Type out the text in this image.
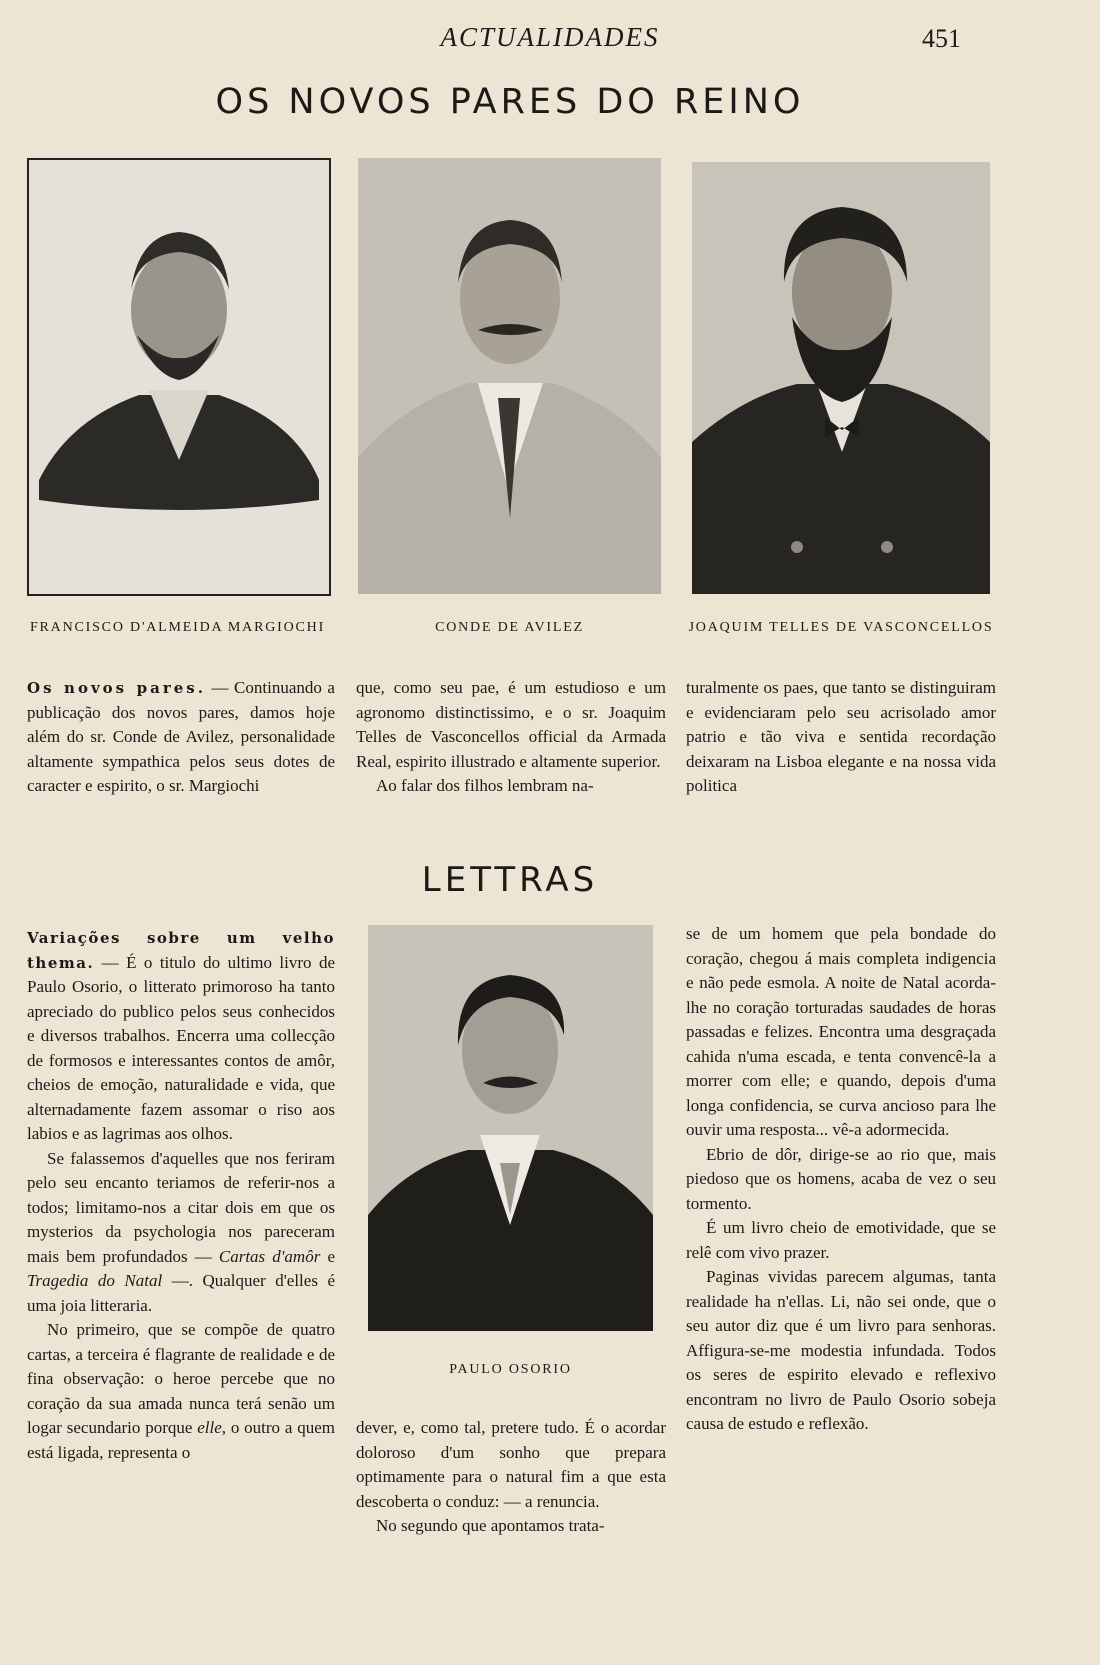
ACTUALIDADES	451
OS NOVOS PARES DO REINO
FRANCISCO D'ALMEIDA MARGIOCHI	CONDE DE AVILEZ	JOAQUIM TELLES DE VASCONCELLOS

Os novos pares. — Continuando a publicação dos novos pares, damos hoje além do sr. Conde de Avilez, personalidade altamente sympathica pelos seus dotes de caracter e espirito, o sr. Margiochi

que, como seu pae, é um estudioso e um agronomo distinctissimo, e o sr. Joaquim Telles de Vasconcellos official da Armada Real, espirito illustrado e altamente superior.

Ao falar dos filhos lembram na-

turalmente os paes, que tanto se distinguiram e evidenciaram pelo seu acrisolado amor patrio e tão viva e sentida recordação deixaram na Lisboa elegante e na nossa vida politica

LETTRAS
PAULO OSORIO

Variações sobre um velho thema. — É o titulo do ultimo livro de Paulo Osorio, o litterato primoroso ha tanto apreciado do publico pelos seus conhecidos e diversos trabalhos. Encerra uma collecção de formosos e interessantes contos de amôr, cheios de emoção, naturalidade e vida, que alternadamente fazem assomar o riso aos labios e as lagrimas aos olhos.

Se falassemos d'aquelles que nos feriram pelo seu encanto teriamos de referir-nos a todos; limitamo-nos a citar dois em que os mysterios da psychologia nos pareceram mais bem profundados — Cartas d'amôr e Tragedia do Natal —. Qualquer d'elles é uma joia litteraria.

No primeiro, que se compõe de quatro cartas, a terceira é flagrante de realidade e de fina observação: o heroe percebe que no coração da sua amada nunca terá senão um logar secundario porque elle, o outro a quem está ligada, representa o

dever, e, como tal, pretere tudo. É o acordar doloroso d'um sonho que prepara optimamente para o natural fim a que esta descoberta o conduz: — a renuncia.

No segundo que apontamos trata-

se de um homem que pela bondade do coração, chegou á mais completa indigencia e não pede esmola. A noite de Natal acorda-lhe no coração torturadas saudades de horas passadas e felizes. Encontra uma desgraçada cahida n'uma escada, e tenta convencê-la a morrer com elle; e quando, depois d'uma longa confidencia, se curva ancioso para lhe ouvir uma resposta... vê-a adormecida.

Ebrio de dôr, dirige-se ao rio que, mais piedoso que os homens, acaba de vez o seu tormento.

É um livro cheio de emotividade, que se relê com vivo prazer.

Paginas vividas parecem algumas, tanta realidade ha n'ellas. Li, não sei onde, que o seu autor diz que é um livro para senhoras. Affigura-se-me modestia infundada. Todos os seres de espirito elevado e reflexivo encontram no livro de Paulo Osorio sobeja causa de estudo e reflexão.
